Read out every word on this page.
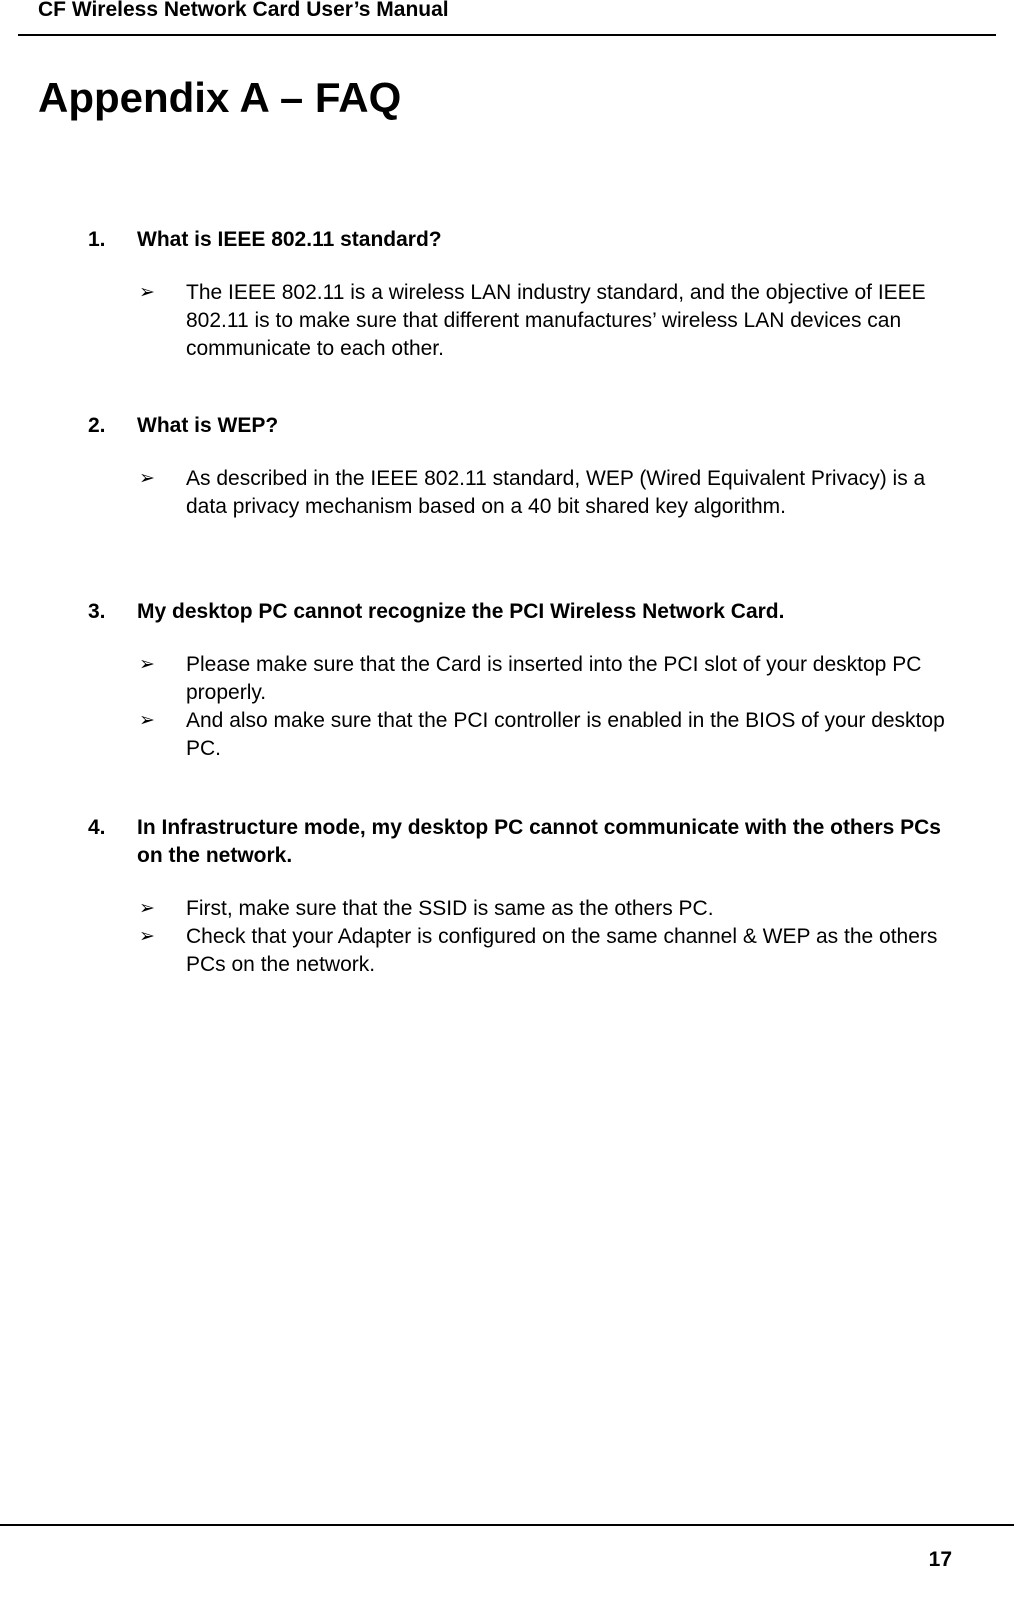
CF Wireless Network Card User’s Manual
Appendix A – FAQ
1. What is IEEE 802.11 standard?
➢ The IEEE 802.11 is a wireless LAN industry standard, and the objective of IEEE 802.11 is to make sure that different manufactures’ wireless LAN devices can communicate to each other.
2. What is WEP?
➢ As described in the IEEE 802.11 standard, WEP (Wired Equivalent Privacy) is a data privacy mechanism based on a 40 bit shared key algorithm.
3. My desktop PC cannot recognize the PCI Wireless Network Card.
➢ Please make sure that the Card is inserted into the PCI slot of your desktop PC properly.
➢ And also make sure that the PCI controller is enabled in the BIOS of your desktop PC.
4. In Infrastructure mode, my desktop PC cannot communicate with the others PCs on the network.
➢ First, make sure that the SSID is same as the others PC.
➢ Check that your Adapter is configured on the same channel & WEP as the others PCs on the network.
17
